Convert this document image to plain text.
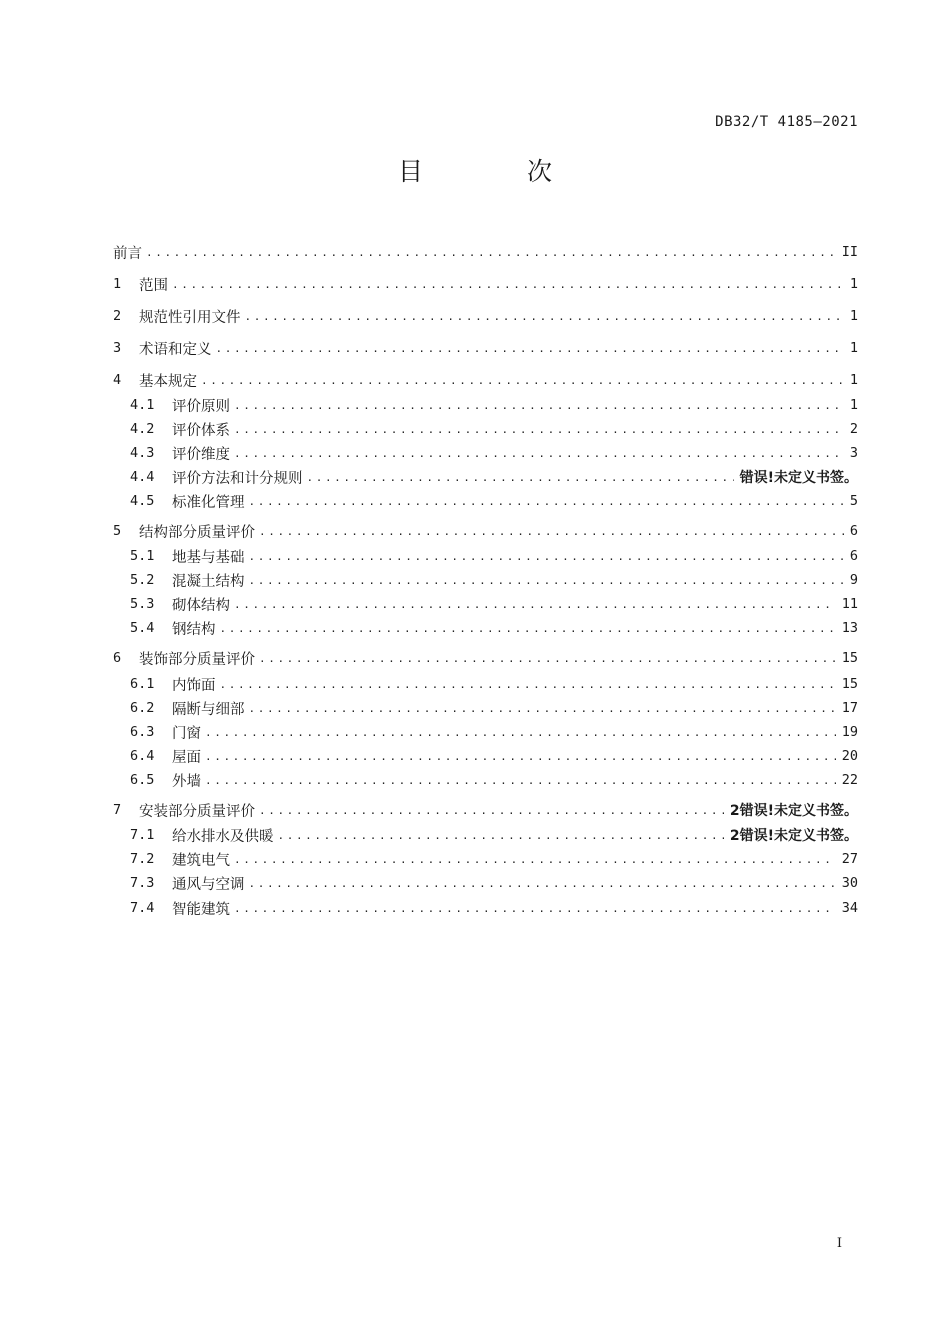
DB32/T 4185—2021
目 次
前言 .....	II
1	范围 .....	1
2	规范性引用文件 .....	1
3	术语和定义 .....	1
4	基本规定 .....	1
4.1	评价原则 .....	1
4.2	评价体系 .....	2
4.3	评价维度 .....	3
4.4	评价方法和计分规则 .....	错误!未定义书签。
4.5	标准化管理 .....	5
5	结构部分质量评价 .....	6
5.1	地基与基础 .....	6
5.2	混凝土结构 .....	9
5.3	砌体结构 .....	11
5.4	钢结构 .....	13
6	装饰部分质量评价 .....	15
6.1	内饰面 .....	15
6.2	隔断与细部 .....	17
6.3	门窗 .....	19
6.4	屋面 .....	20
6.5	外墙 .....	22
7	安装部分质量评价 .....	2错误!未定义书签。
7.1	给水排水及供暖 .....	2错误!未定义书签。
7.2	建筑电气 .....	27
7.3	通风与空调 .....	30
7.4	智能建筑 .....	34
I
